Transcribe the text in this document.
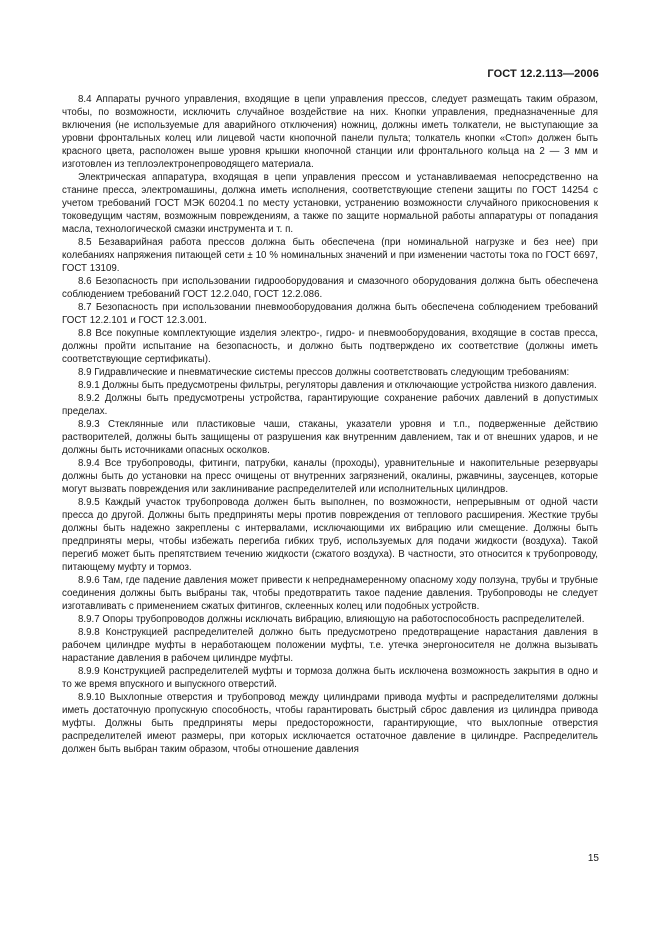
ГОСТ 12.2.113—2006

8.4 Аппараты ручного управления, входящие в цепи управления прессов, следует размещать таким образом, чтобы, по возможности, исключить случайное воздействие на них. Кнопки управления, предназначенные для включения (не используемые для аварийного отключения) ножниц, должны иметь толкатели, не выступающие за уровни фронтальных колец или лицевой части кнопочной панели пульта; толкатель кнопки «Стоп» должен быть красного цвета, расположен выше уровня крышки кнопочной станции или фронтального кольца на 2 — 3 мм и изготовлен из теплоэлектронепроводящего материала.

Электрическая аппаратура, входящая в цепи управления прессом и устанавливаемая непосредственно на станине пресса, электромашины, должна иметь исполнения, соответствующие степени защиты по ГОСТ 14254 с учетом требований ГОСТ МЭК 60204.1 по месту установки, устранению возможности случайного прикосновения к токоведущим частям, возможным повреждениям, а также по защите нормальной работы аппаратуры от попадания масла, технологической смазки инструмента и т. п.

8.5 Безаварийная работа прессов должна быть обеспечена (при номинальной нагрузке и без нее) при колебаниях напряжения питающей сети ± 10 % номинальных значений и при изменении частоты тока по ГОСТ 6697, ГОСТ 13109.

8.6 Безопасность при использовании гидрооборудования и смазочного оборудования должна быть обеспечена соблюдением требований ГОСТ 12.2.040, ГОСТ 12.2.086.

8.7 Безопасность при использовании пневмооборудования должна быть обеспечена соблюдением требований ГОСТ 12.2.101 и ГОСТ 12.3.001.

8.8 Все покупные комплектующие изделия электро-, гидро- и пневмооборудования, входящие в состав пресса, должны пройти испытание на безопасность, и должно быть подтверждено их соответствие (должны иметь соответствующие сертификаты).

8.9 Гидравлические и пневматические системы прессов должны соответствовать следующим требованиям:

8.9.1 Должны быть предусмотрены фильтры, регуляторы давления и отключающие устройства низкого давления.

8.9.2 Должны быть предусмотрены устройства, гарантирующие сохранение рабочих давлений в допустимых пределах.

8.9.3 Стеклянные или пластиковые чаши, стаканы, указатели уровня и т.п., подверженные действию растворителей, должны быть защищены от разрушения как внутренним давлением, так и от внешних ударов, и не должны быть источниками опасных осколков.

8.9.4 Все трубопроводы, фитинги, патрубки, каналы (проходы), уравнительные и накопительные резервуары должны быть до установки на пресс очищены от внутренних загрязнений, окалины, ржавчины, заусенцев, которые могут вызвать повреждения или заклинивание распределителей или исполнительных цилиндров.

8.9.5 Каждый участок трубопровода должен быть выполнен, по возможности, непрерывным от одной части пресса до другой. Должны быть предприняты меры против повреждения от теплового расширения. Жесткие трубы должны быть надежно закреплены с интервалами, исключающими их вибрацию или смещение. Должны быть предприняты меры, чтобы избежать перегиба гибких труб, используемых для подачи жидкости (воздуха). Такой перегиб может быть препятствием течению жидкости (сжатого воздуха). В частности, это относится к трубопроводу, питающему муфту и тормоз.

8.9.6 Там, где падение давления может привести к непреднамеренному опасному ходу ползуна, трубы и трубные соединения должны быть выбраны так, чтобы предотвратить такое падение давления. Трубопроводы не следует изготавливать с применением сжатых фитингов, склеенных колец или подобных устройств.

8.9.7 Опоры трубопроводов должны исключать вибрацию, влияющую на работоспособность распределителей.

8.9.8 Конструкцией распределителей должно быть предусмотрено предотвращение нарастания давления в рабочем цилиндре муфты в неработающем положении муфты, т.е. утечка энергоносителя не должна вызывать нарастание давления в рабочем цилиндре муфты.

8.9.9 Конструкцией распределителей муфты и тормоза должна быть исключена возможность закрытия в одно и то же время впускного и выпускного отверстий.

8.9.10 Выхлопные отверстия и трубопровод между цилиндрами привода муфты и распределителями должны иметь достаточную пропускную способность, чтобы гарантировать быстрый сброс давления из цилиндра привода муфты. Должны быть предприняты меры предосторожности, гарантирующие, что выхлопные отверстия распределителей имеют размеры, при которых исключается остаточное давление в цилиндре. Распределитель должен быть выбран таким образом, чтобы отношение давления

15
